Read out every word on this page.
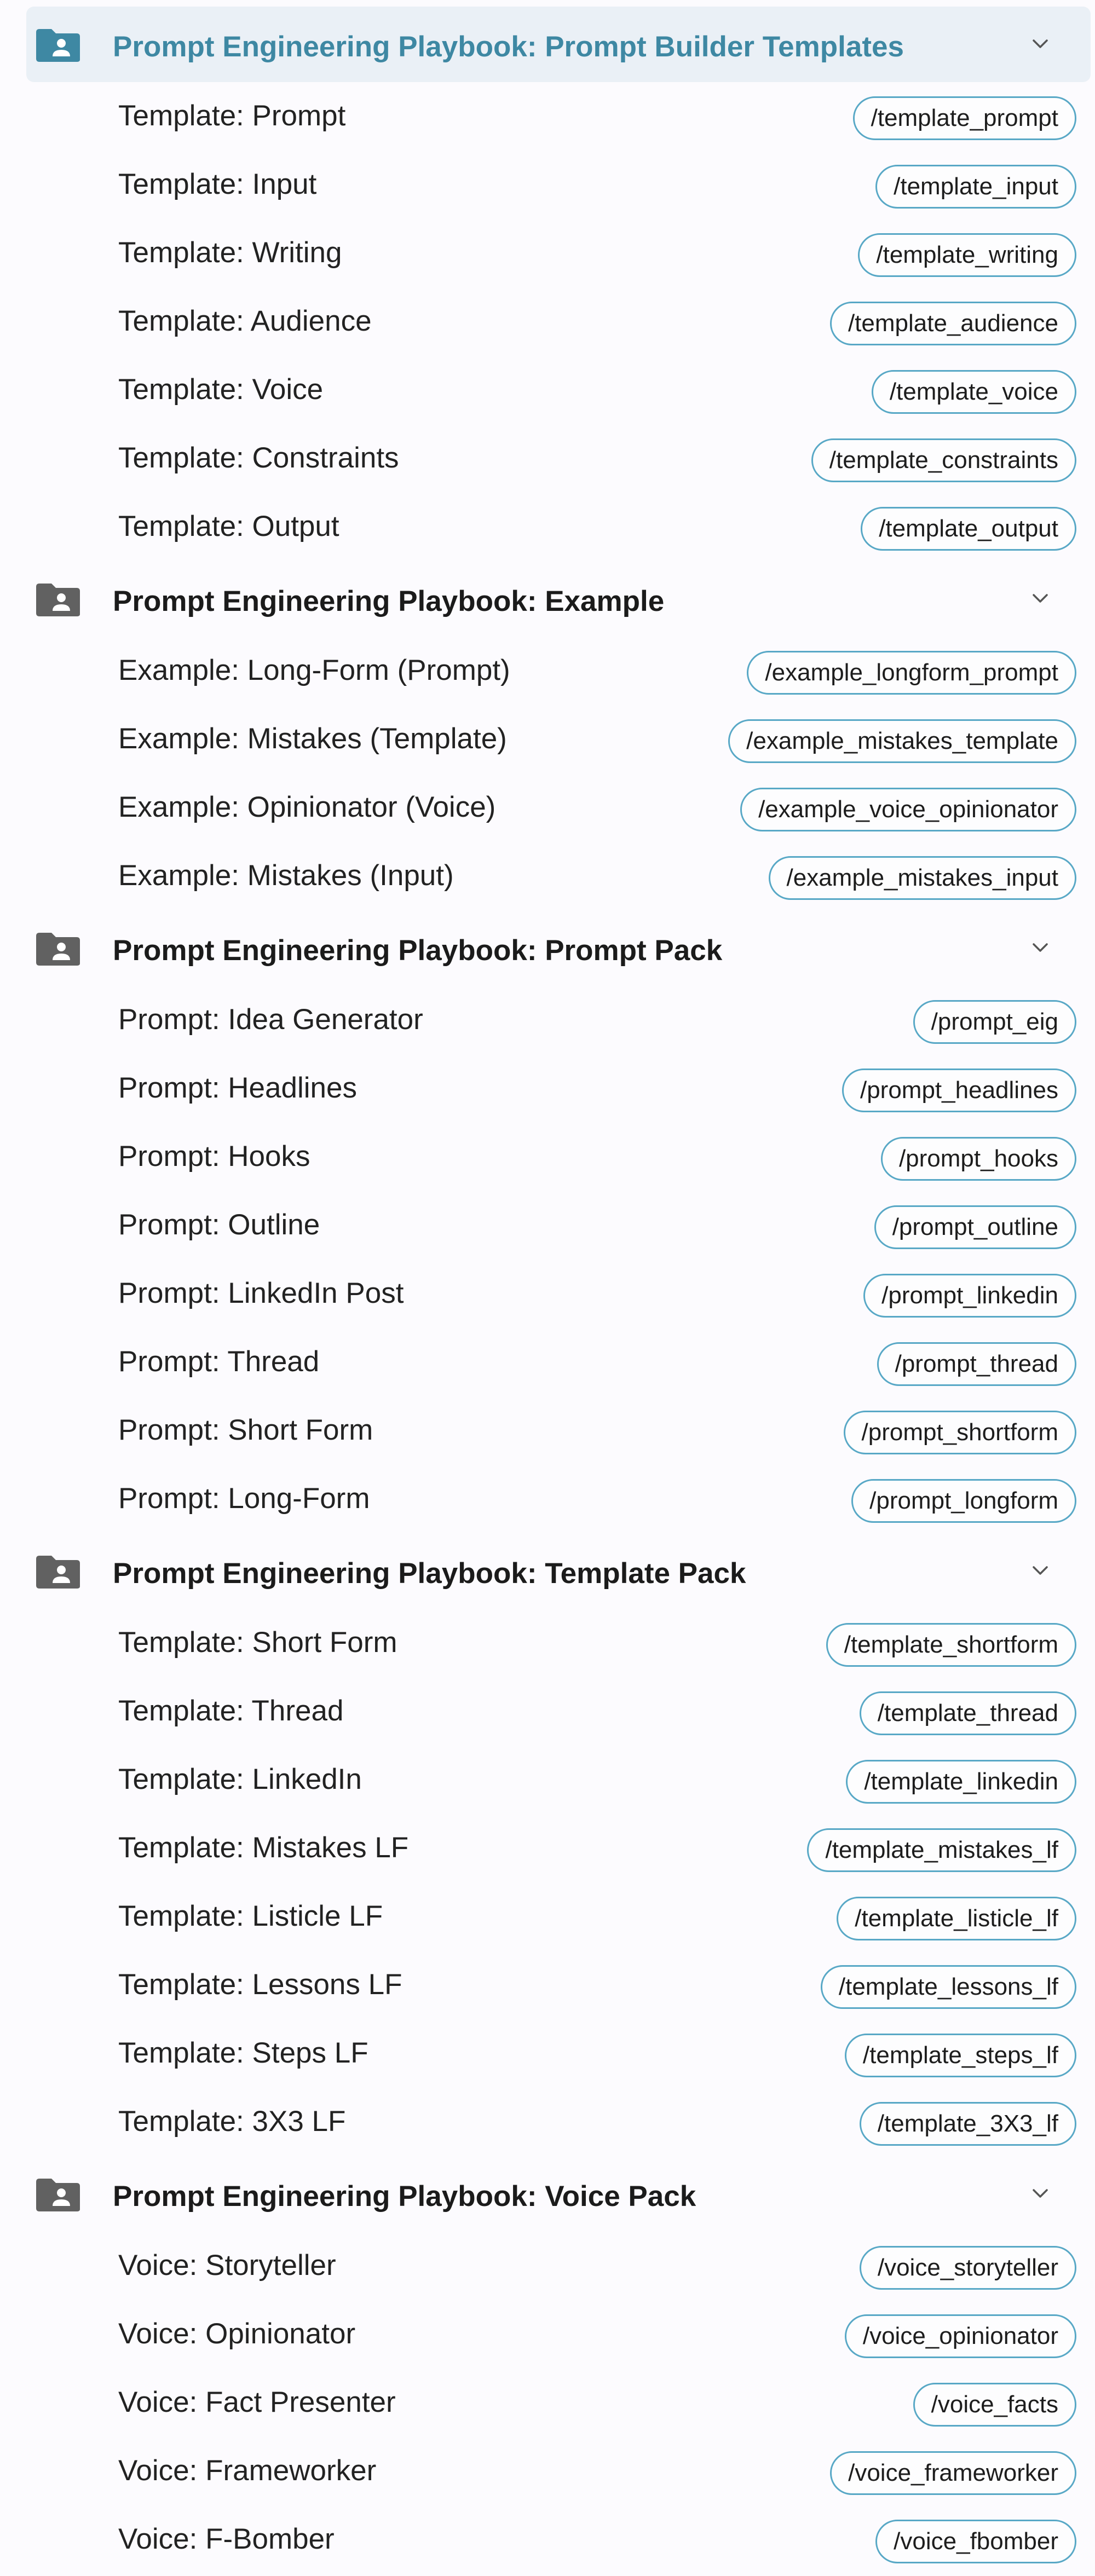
Prompt Engineering Playbook: Prompt Builder Templates
Template: Prompt	/template_prompt
Template: Input	/template_input
Template: Writing	/template_writing
Template: Audience	/template_audience
Template: Voice	/template_voice
Template: Constraints	/template_constraints
Template: Output	/template_output
Prompt Engineering Playbook: Example
Example: Long-Form (Prompt)	/example_longform_prompt
Example: Mistakes (Template)	/example_mistakes_template
Example: Opinionator (Voice)	/example_voice_opinionator
Example: Mistakes (Input)	/example_mistakes_input
Prompt Engineering Playbook: Prompt Pack
Prompt: Idea Generator	/prompt_eig
Prompt: Headlines	/prompt_headlines
Prompt: Hooks	/prompt_hooks
Prompt: Outline	/prompt_outline
Prompt: LinkedIn Post	/prompt_linkedin
Prompt: Thread	/prompt_thread
Prompt: Short Form	/prompt_shortform
Prompt: Long-Form	/prompt_longform
Prompt Engineering Playbook: Template Pack
Template: Short Form	/template_shortform
Template: Thread	/template_thread
Template: LinkedIn	/template_linkedin
Template: Mistakes LF	/template_mistakes_lf
Template: Listicle LF	/template_listicle_lf
Template: Lessons LF	/template_lessons_lf
Template: Steps LF	/template_steps_lf
Template: 3X3 LF	/template_3X3_lf
Prompt Engineering Playbook: Voice Pack
Voice: Storyteller	/voice_storyteller
Voice: Opinionator	/voice_opinionator
Voice: Fact Presenter	/voice_facts
Voice: Frameworker	/voice_frameworker
Voice: F-Bomber	/voice_fbomber
